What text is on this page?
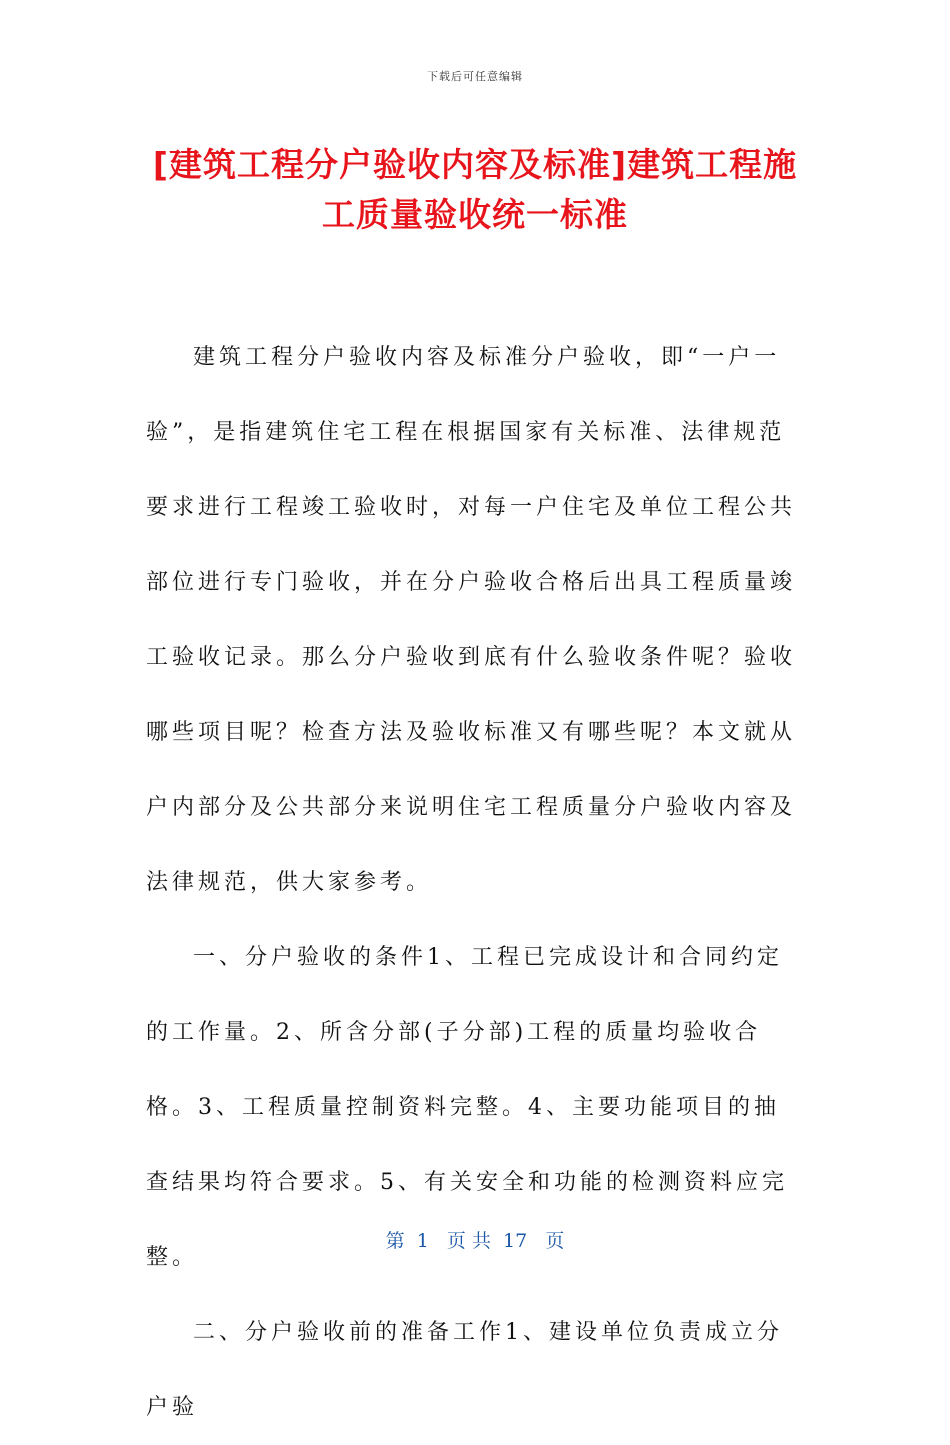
下载后可任意编辑
[建筑工程分户验收内容及标准]建筑工程施
工质量验收统一标准

建筑工程分户验收内容及标准分户验收，即“一户一验”，是指建筑住宅工程在根据国家有关标准、法律规范要求进行工程竣工验收时，对每一户住宅及单位工程公共部位进行专门验收，并在分户验收合格后出具工程质量竣工验收记录。那么分户验收到底有什么验收条件呢？验收哪些项目呢？检查方法及验收标准又有哪些呢？本文就从户内部分及公共部分来说明住宅工程质量分户验收内容及法律规范，供大家参考。

一、分户验收的条件1、工程已完成设计和合同约定的工作量。2、所含分部(子分部)工程的质量均验收合格。3、工程质量控制资料完整。4、主要功能项目的抽查结果均符合要求。5、有关安全和功能的检测资料应完整。

二、分户验收前的准备工作1、建设单位负责成立分户验

第  1   页 共  17   页
